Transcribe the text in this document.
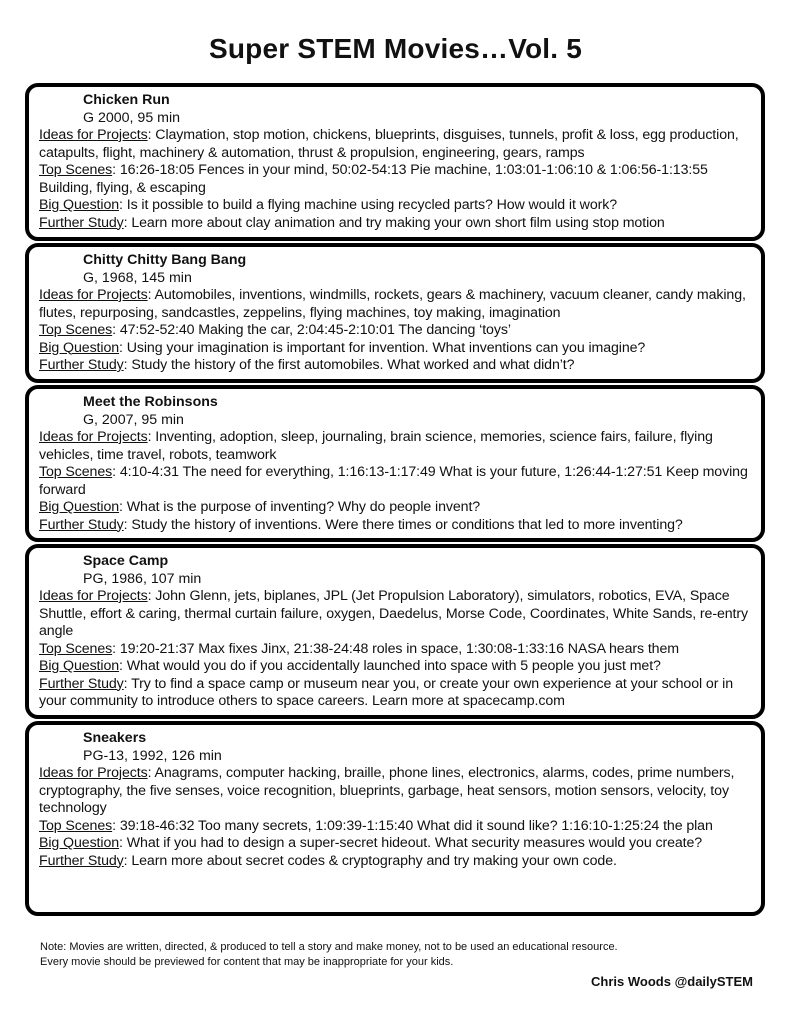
Super STEM Movies…Vol. 5
Chicken Run
G 2000, 95 min
Ideas for Projects: Claymation, stop motion, chickens, blueprints, disguises, tunnels, profit & loss, egg production, catapults, flight, machinery & automation, thrust & propulsion, engineering, gears, ramps
Top Scenes: 16:26-18:05 Fences in your mind, 50:02-54:13 Pie machine, 1:03:01-1:06:10 & 1:06:56-1:13:55 Building, flying, & escaping
Big Question: Is it possible to build a flying machine using recycled parts? How would it work?
Further Study: Learn more about clay animation and try making your own short film using stop motion
Chitty Chitty Bang Bang
G, 1968, 145 min
Ideas for Projects: Automobiles, inventions, windmills, rockets, gears & machinery, vacuum cleaner, candy making, flutes, repurposing, sandcastles, zeppelins, flying machines, toy making, imagination
Top Scenes: 47:52-52:40 Making the car, 2:04:45-2:10:01 The dancing ‘toys’
Big Question: Using your imagination is important for invention. What inventions can you imagine?
Further Study: Study the history of the first automobiles. What worked and what didn’t?
Meet the Robinsons
G, 2007, 95 min
Ideas for Projects: Inventing, adoption, sleep, journaling, brain science, memories, science fairs, failure, flying vehicles, time travel, robots, teamwork
Top Scenes: 4:10-4:31 The need for everything, 1:16:13-1:17:49 What is your future, 1:26:44-1:27:51 Keep moving forward
Big Question: What is the purpose of inventing? Why do people invent?
Further Study: Study the history of inventions. Were there times or conditions that led to more inventing?
Space Camp
PG, 1986, 107 min
Ideas for Projects: John Glenn, jets, biplanes, JPL (Jet Propulsion Laboratory), simulators, robotics, EVA, Space Shuttle, effort & caring, thermal curtain failure, oxygen, Daedelus, Morse Code, Coordinates, White Sands, re-entry angle
Top Scenes: 19:20-21:37 Max fixes Jinx, 21:38-24:48 roles in space, 1:30:08-1:33:16 NASA hears them
Big Question: What would you do if you accidentally launched into space with 5 people you just met?
Further Study: Try to find a space camp or museum near you, or create your own experience at your school or in your community to introduce others to space careers. Learn more at spacecamp.com
Sneakers
PG-13, 1992, 126 min
Ideas for Projects: Anagrams, computer hacking, braille, phone lines, electronics, alarms, codes, prime numbers, cryptography, the five senses, voice recognition, blueprints, garbage, heat sensors, motion sensors, velocity, toy technology
Top Scenes: 39:18-46:32 Too many secrets, 1:09:39-1:15:40 What did it sound like? 1:16:10-1:25:24 the plan
Big Question: What if you had to design a super-secret hideout. What security measures would you create?
Further Study: Learn more about secret codes & cryptography and try making your own code.
Note: Movies are written, directed, & produced to tell a story and make money, not to be used an educational resource.
Every movie should be previewed for content that may be inappropriate for your kids.
Chris Woods @dailySTEM
